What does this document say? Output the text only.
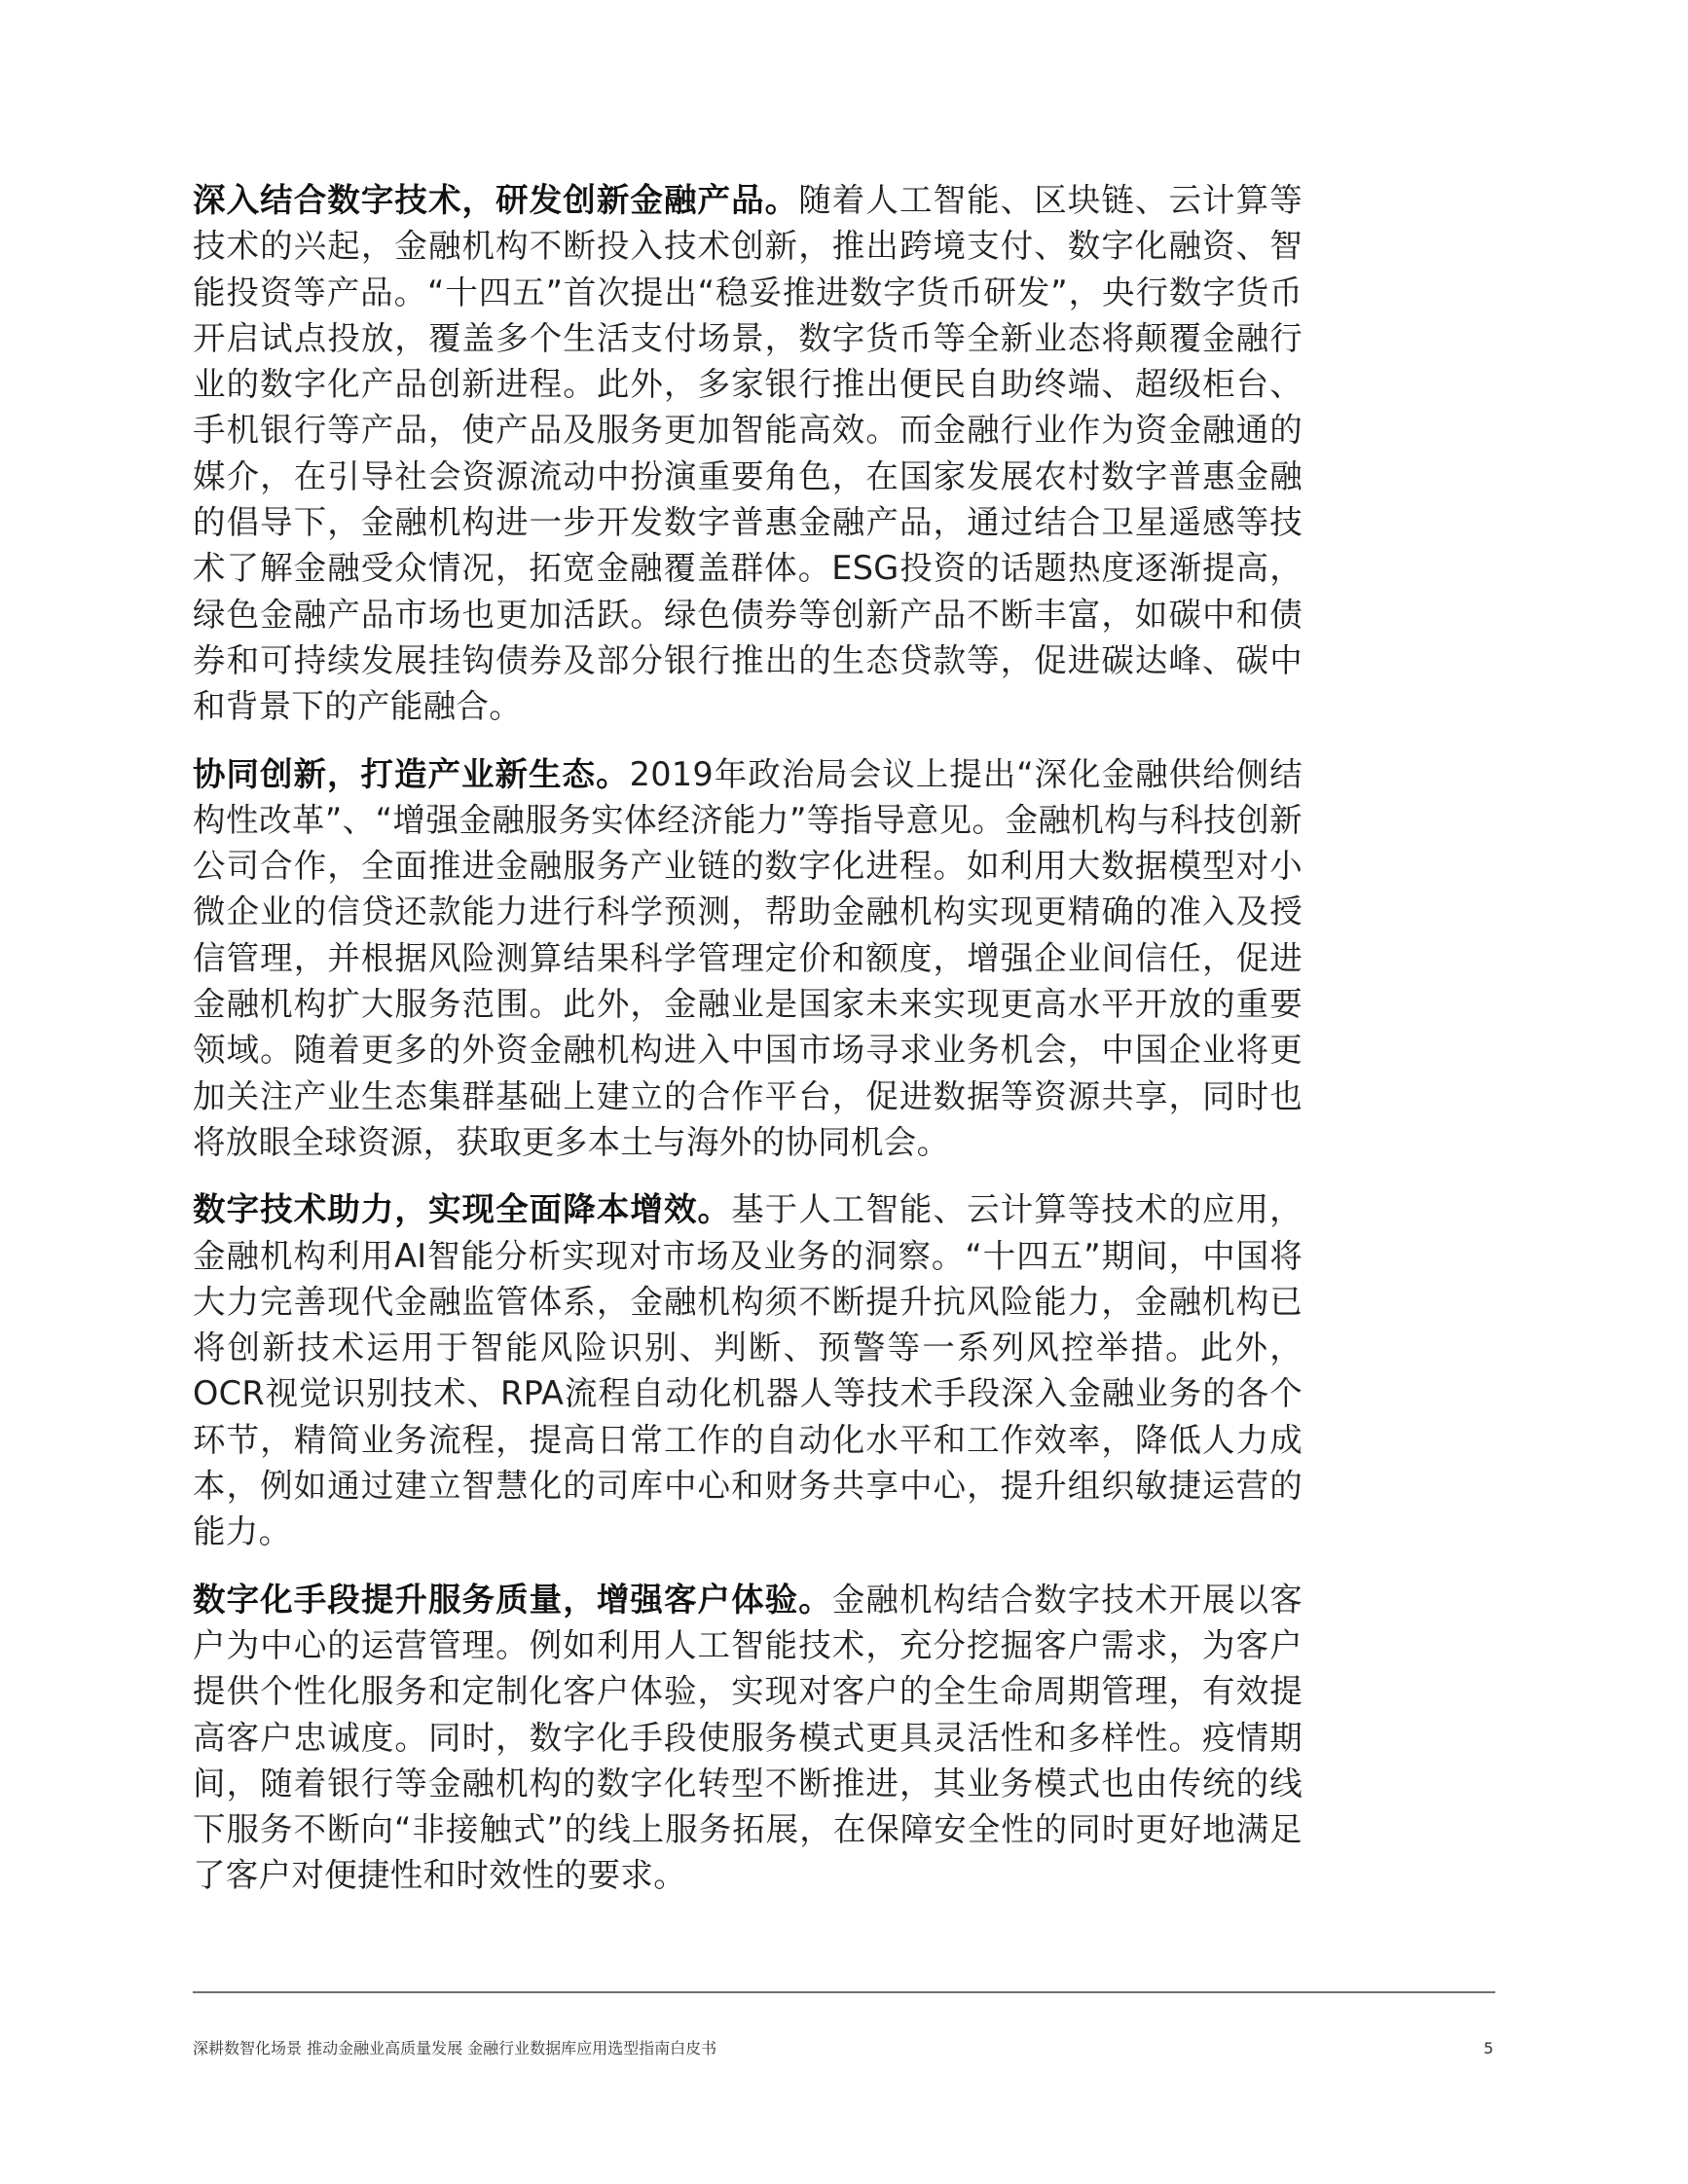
深入结合数字技术，研发创新金融产品。随着人工智能、区块链、云计算等技术的兴起，金融机构不断投入技术创新，推出跨境支付、数字化融资、智能投资等产品。“十四五”首次提出“稳妥推进数字货币研发”，央行数字货币开启试点投放，覆盖多个生活支付场景，数字货币等全新业态将颠覆金融行业的数字化产品创新进程。此外，多家银行推出便民自助终端、超级柜台、手机银行等产品，使产品及服务更加智能高效。而金融行业作为资金融通的媒介，在引导社会资源流动中扮演重要角色，在国家发展农村数字普惠金融的倡导下，金融机构进一步开发数字普惠金融产品，通过结合卫星遥感等技术了解金融受众情况，拓宽金融覆盖群体。ESG投资的话题热度逐渐提高，绿色金融产品市场也更加活跃。绿色债券等创新产品不断丰富，如碳中和债券和可持续发展挂钩债券及部分银行推出的生态贷款等，促进碳达峰、碳中和背景下的产能融合。

协同创新，打造产业新生态。2019年政治局会议上提出“深化金融供给侧结构性改革”、“增强金融服务实体经济能力”等指导意见。金融机构与科技创新公司合作，全面推进金融服务产业链的数字化进程。如利用大数据模型对小微企业的信贷还款能力进行科学预测，帮助金融机构实现更精确的准入及授信管理，并根据风险测算结果科学管理定价和额度，增强企业间信任，促进金融机构扩大服务范围。此外，金融业是国家未来实现更高水平开放的重要领域。随着更多的外资金融机构进入中国市场寻求业务机会，中国企业将更加关注产业生态集群基础上建立的合作平台，促进数据等资源共享，同时也将放眼全球资源，获取更多本土与海外的协同机会。

数字技术助力，实现全面降本增效。基于人工智能、云计算等技术的应用，金融机构利用AI智能分析实现对市场及业务的洞察。“十四五”期间，中国将大力完善现代金融监管体系，金融机构须不断提升抗风险能力，金融机构已将创新技术运用于智能风险识别、判断、预警等一系列风控举措。此外，OCR视觉识别技术、RPA流程自动化机器人等技术手段深入金融业务的各个环节，精简业务流程，提高日常工作的自动化水平和工作效率，降低人力成本，例如通过建立智慧化的司库中心和财务共享中心，提升组织敏捷运营的能力。

数字化手段提升服务质量，增强客户体验。金融机构结合数字技术开展以客户为中心的运营管理。例如利用人工智能技术，充分挖掘客户需求，为客户提供个性化服务和定制化客户体验，实现对客户的全生命周期管理，有效提高客户忠诚度。同时，数字化手段使服务模式更具灵活性和多样性。疫情期间，随着银行等金融机构的数字化转型不断推进，其业务模式也由传统的线下服务不断向“非接触式”的线上服务拓展，在保障安全性的同时更好地满足了客户对便捷性和时效性的要求。

深耕数智化场景 推动金融业高质量发展 金融行业数据库应用选型指南白皮书	5
